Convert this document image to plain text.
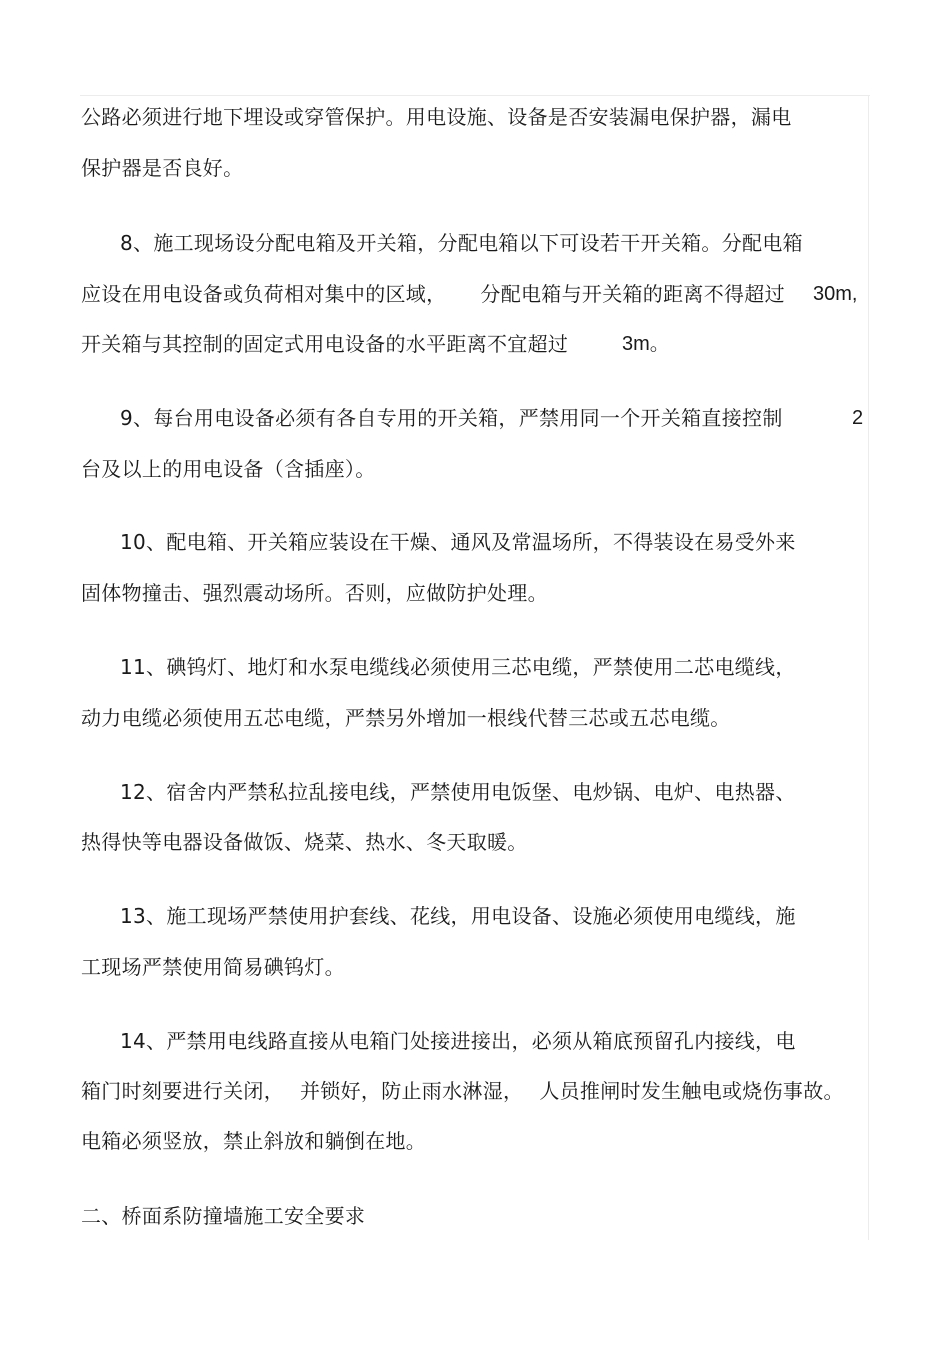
公路必须进行地下埋设或穿管保护。用电设施、设备是否安装漏电保护器，漏电

保护器是否良好。

8、施工现场设分配电箱及开关箱，分配电箱以下可设若干开关箱。分配电箱

应设在用电设备或负荷相对集中的区域， 分配电箱与开关箱的距离不得超过 30m,

开关箱与其控制的固定式用电设备的水平距离不宜超过	3m。

9、每台用电设备必须有各自专用的开关箱，严禁用同一个开关箱直接控制	2

台及以上的用电设备（含插座）。

10、配电箱、开关箱应装设在干燥、通风及常温场所，不得装设在易受外来

固体物撞击、强烈震动场所。否则，应做防护处理。

11、碘钨灯、地灯和水泵电缆线必须使用三芯电缆，严禁使用二芯电缆线，

动力电缆必须使用五芯电缆，严禁另外增加一根线代替三芯或五芯电缆。

12、宿舍内严禁私拉乱接电线，严禁使用电饭堡、电炒锅、电炉、电热器、

热得快等电器设备做饭、烧菜、热水、冬天取暖。

13、施工现场严禁使用护套线、花线，用电设备、设施必须使用电缆线，施

工现场严禁使用简易碘钨灯。

14、严禁用电线路直接从电箱门处接进接出，必须从箱底预留孔内接线，电

箱门时刻要进行关闭， 并锁好，防止雨水淋湿， 人员推闸时发生触电或烧伤事故。

电箱必须竖放，禁止斜放和躺倒在地。

二、桥面系防撞墙施工安全要求
